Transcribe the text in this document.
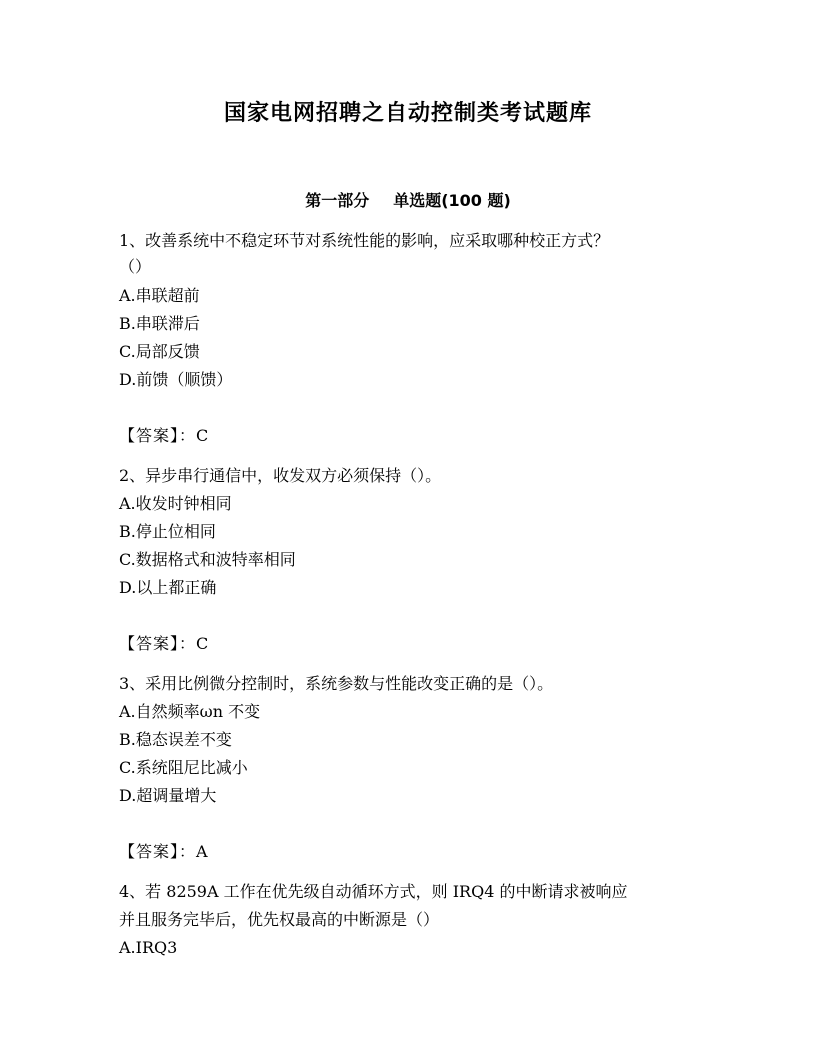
国家电网招聘之自动控制类考试题库
第一部分 单选题(100 题)
1、改善系统中不稳定环节对系统性能的影响，应采取哪种校正方式？
（）
A.串联超前
B.串联滞后
C.局部反馈
D.前馈（顺馈）
【答案】：C
2、异步串行通信中，收发双方必须保持（）。
A.收发时钟相同
B.停止位相同
C.数据格式和波特率相同
D.以上都正确
【答案】：C
3、采用比例微分控制时，系统参数与性能改变正确的是（）。
A.自然频率ωn 不变
B.稳态误差不变
C.系统阻尼比减小
D.超调量增大
【答案】：A
4、若 8259A 工作在优先级自动循环方式，则 IRQ4 的中断请求被响应
并且服务完毕后，优先权最高的中断源是（）
A.IRQ3
